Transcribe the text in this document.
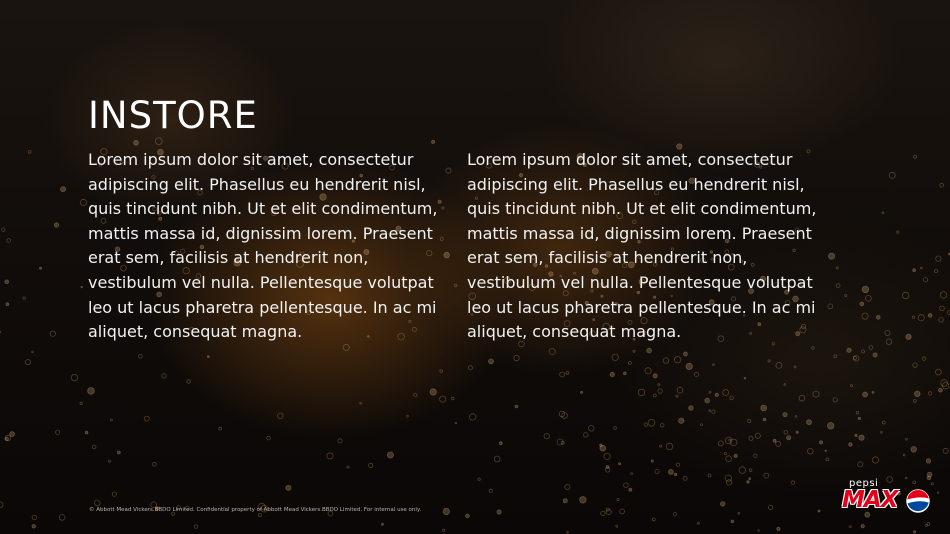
INSTORE

Lorem ipsum dolor sit amet, consectetur adipiscing elit. Phasellus eu hendrerit nisl, quis tincidunt nibh. Ut et elit condimentum, mattis massa id, dignissim lorem. Praesent erat sem, facilisis at hendrerit non, vestibulum vel nulla. Pellentesque volutpat leo ut lacus pharetra pellentesque. In ac mi aliquet, consequat magna.

Lorem ipsum dolor sit amet, consectetur adipiscing elit. Phasellus eu hendrerit nisl, quis tincidunt nibh. Ut et elit condimentum, mattis massa id, dignissim lorem. Praesent erat sem, facilisis at hendrerit non, vestibulum vel nulla. Pellentesque volutpat leo ut lacus pharetra pellentesque. In ac mi aliquet, consequat magna.

© Abbott Mead Vickers.BBDO Limited. Confidential property of Abbott Mead Vickers.BBDO Limited. For internal use only.
pepsi
MAX
